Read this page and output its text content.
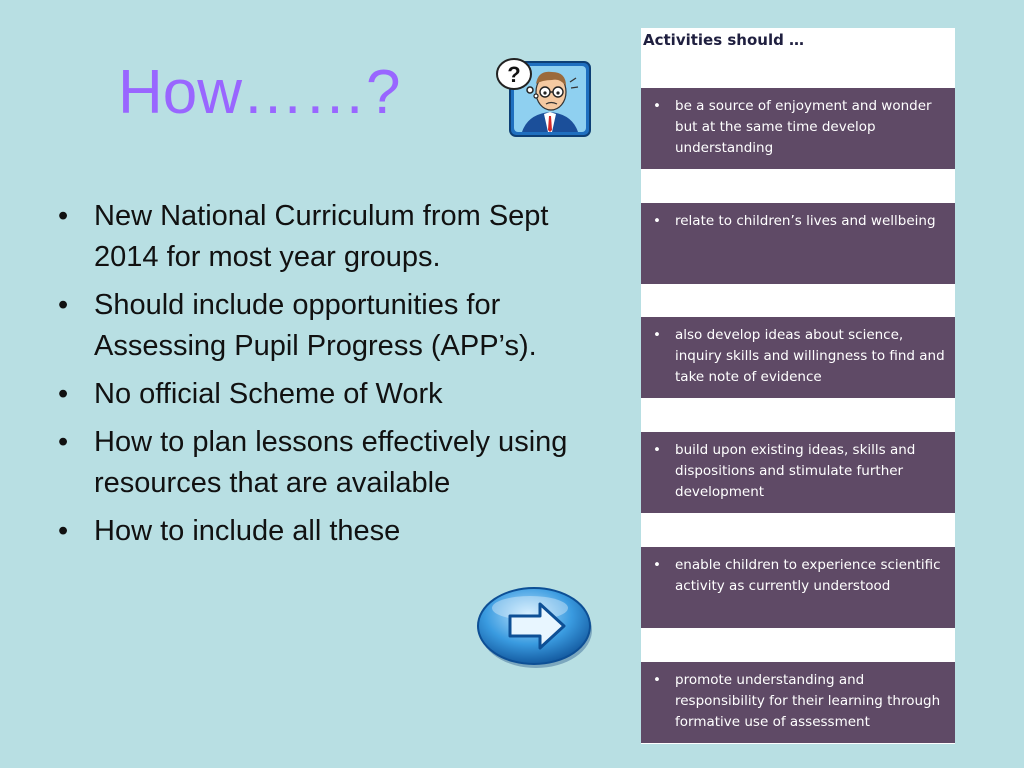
How……?	?
• New National Curriculum from Sept 2014 for most year groups.
• Should include opportunities for Assessing Pupil Progress (APP’s).
• No official Scheme of Work
• How to plan lessons effectively using resources that are available
• How to include all these
Activities should …
• be a source of enjoyment and wonder but at the same time develop understanding
• relate to children’s lives and wellbeing
• also develop ideas about science, inquiry skills and willingness to find and take note of evidence
• build upon existing ideas, skills and dispositions and stimulate further development
• enable children to experience scientific activity as currently understood
• promote understanding and responsibility for their learning through formative use of assessment
